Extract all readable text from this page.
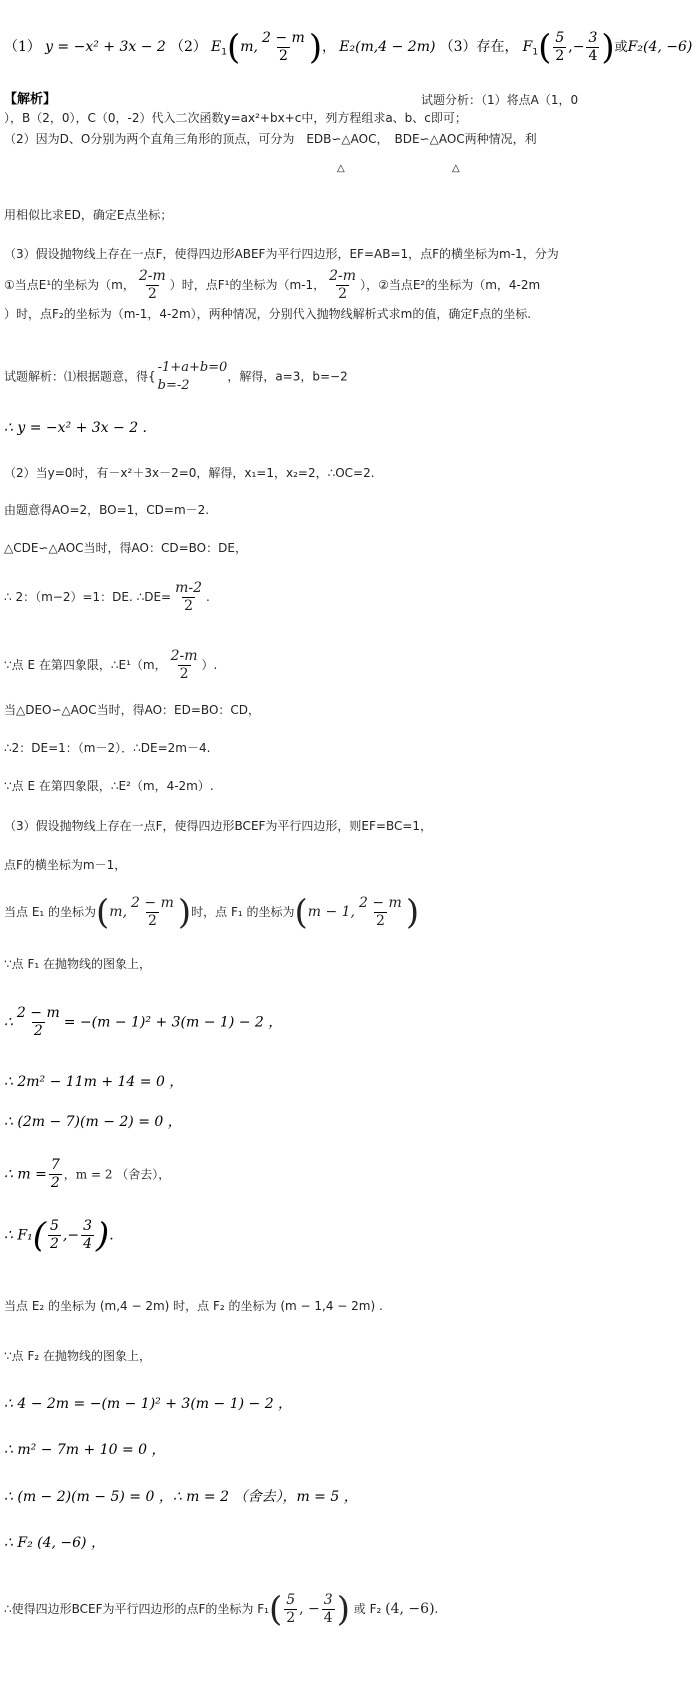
（1） y = −x² + 3x − 2 （2） $E_1(m$, $\frac{2 - m}{2}$ )， E₂(m,4 − 2m) （3）存在， $F_1( \frac{5}{2}$ ,− $\frac{3}{4}$ )或F₂(4, −6)
【解析】	试题分析：（1）将点A（1，0
），B（2，0），C（0，-2）代入二次函数y=ax²+bx+c中，列方程组求a、b、c即可；
（2）因为D、O分别为两个直角三角形的顶点，可分为　EDB∽△AOC，　BDE∽△AOC两种情况，利
△	△
用相似比求ED，确定E点坐标；
（3）假设抛物线上存在一点F，使得四边形ABEF为平行四边形，EF=AB=1，点F的横坐标为m-1，分为
①当点E¹的坐标为（m， $\frac{2-m}{2}$ ）时，点F¹的坐标为（m-1， $\frac{2-m}{2}$ ），②当点E²的坐标为（m，4-2m
）时，点F₂的坐标为（m-1，4-2m），两种情况，分别代入抛物线解析式求m的值，确定F点的坐标.
试题解析：⑴根据题意，得{
-1+a+b=0
b=-2
，解得，a=3，b=−2
∴ y = −x² + 3x − 2 .
（2）当y=0时，有－x²＋3x－2=0，解得，x₁=1，x₂=2，∴OC=2.
由题意得AO=2，BO=1，CD=m－2.
△CDE∽△AOC当时，得AO：CD=BO：DE，
∴ 2：（m−2）=1：DE. ∴DE= $\frac{m-2}{2}$ .
∵点 E 在第四象限，∴E¹（m， $\frac{2-m}{2}$ ）.
当△DEO∽△AOC当时，得AO：ED=BO：CD，
∴2：DE=1：（m－2）．∴DE=2m－4.
∵点 E 在第四象限，∴E²（m，4-2m）.
（3）假设抛物线上存在一点F，使得四边形BCEF为平行四边形，则EF=BC=1，
点F的横坐标为m－1，
当点 E₁ 的坐标为(m, $\frac{2 - m}{2}$ )时，点 F₁ 的坐标为(m − 1, $\frac{2 - m}{2}$ )
∵点 F₁ 在抛物线的图象上，
∴ $\frac{2 - m}{2} = -(m - 1)^2 + 3(m - 1) - 2$ ，
∴ 2m² − 11m + 14 = 0 ，
∴ (2m − 7)(m − 2) = 0 ，
∴ $m = \frac{7}{2}$ ，m = 2 （舍去），
∴ $F_1( \frac{5}{2}$ ,− $\frac{3}{4}$ ).
当点 E₂ 的坐标为 (m,4 − 2m) 时，点 F₂ 的坐标为 (m − 1,4 − 2m) .
∵点 F₂ 在抛物线的图象上，
∴ 4 − 2m = −(m − 1)² + 3(m − 1) − 2 ，
∴ m² − 7m + 10 = 0 ，
∴ (m − 2)(m − 5) = 0 ，∴ m = 2 （舍去），m = 5 ，
∴ F₂ (4, −6) ，
∴使得四边形BCEF为平行四边形的点F的坐标为 $F_1( \frac{5}{2}$ , − $\frac{3}{4}$ ) 或 F₂ (4, −6).
